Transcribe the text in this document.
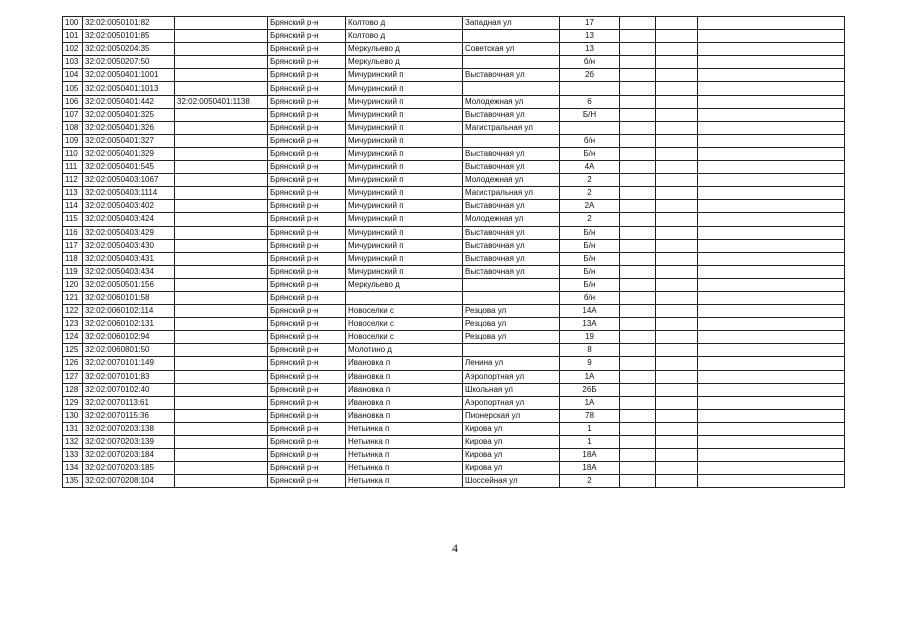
100	32:02:0050101:82		Брянский р-н	Колтово д	Западная ул	17			
101	32:02:0050101:85		Брянский р-н	Колтово д		13			
102	32:02:0050204:35		Брянский р-н	Меркульево д	Советская ул	13			
103	32:02:0050207:50		Брянский р-н	Меркульево д		б/н			
104	32:02:0050401:1001		Брянский р-н	Мичуринский п	Выставочная ул	2б			
105	32:02:0050401:1013		Брянский р-н	Мичуринский п					
106	32:02:0050401:442	32:02:0050401:1138	Брянский р-н	Мичуринский п	Молодежная ул	6			
107	32:02:0050401:325		Брянский р-н	Мичуринский п	Выставочная ул	Б/Н			
108	32:02:0050401:326		Брянский р-н	Мичуринский п	Магистральная ул				
109	32:02:0050401:327		Брянский р-н	Мичуринский п		б/н			
110	32:02:0050401:329		Брянский р-н	Мичуринский п	Выставочная ул	Б/н			
111	32:02:0050401:545		Брянский р-н	Мичуринский п	Выставочная ул	4А			
112	32:02:0050403:1067		Брянский р-н	Мичуринский п	Молодежная ул	2			
113	32:02:0050403:1114		Брянский р-н	Мичуринский п	Магистральная ул	2			
114	32:02:0050403:402		Брянский р-н	Мичуринский п	Выставочная ул	2А			
115	32:02:0050403:424		Брянский р-н	Мичуринский п	Молодежная ул	2			
116	32:02:0050403:429		Брянский р-н	Мичуринский п	Выставочная ул	Б/н			
117	32:02:0050403:430		Брянский р-н	Мичуринский п	Выставочная ул	Б/н			
118	32:02:0050403:431		Брянский р-н	Мичуринский п	Выставочная ул	Б/н			
119	32:02:0050403:434		Брянский р-н	Мичуринский п	Выставочная ул	Б/н			
120	32:02:0050501:156		Брянский р-н	Меркульево д		Б/н			
121	32:02:0060101:58		Брянский р-н			б/н			
122	32:02:0060102:114		Брянский р-н	Новоселки с	Резцова ул	14А			
123	32:02:0060102:131		Брянский р-н	Новоселки с	Резцова ул	13А			
124	32:02:0060102:94		Брянский р-н	Новоселки с	Резцова ул	19			
125	32:02:0060801:50		Брянский р-н	Молотино д		8			
126	32:02:0070101:149		Брянский р-н	Ивановка п	Ленина ул	9			
127	32:02:0070101:83		Брянский р-н	Ивановка п	Аэропортная ул	1А			
128	32:02:0070102:40		Брянский р-н	Ивановка п	Школьная ул	26Б			
129	32:02:0070113:61		Брянский р-н	Ивановка п	Аэропортная ул	1А			
130	32:02:0070115:36		Брянский р-н	Ивановка п	Пионерская ул	78			
131	32:02:0070203:138		Брянский р-н	Нетьинка п	Кирова ул	1			
132	32:02:0070203:139		Брянский р-н	Нетьинка п	Кирова ул	1			
133	32:02:0070203:184		Брянский р-н	Нетьинка п	Кирова ул	18А			
134	32:02:0070203:185		Брянский р-н	Нетьинка п	Кирова ул	18А			
135	32:02:0070208:104		Брянский р-н	Нетьинка п	Шоссейная ул	2			
4
